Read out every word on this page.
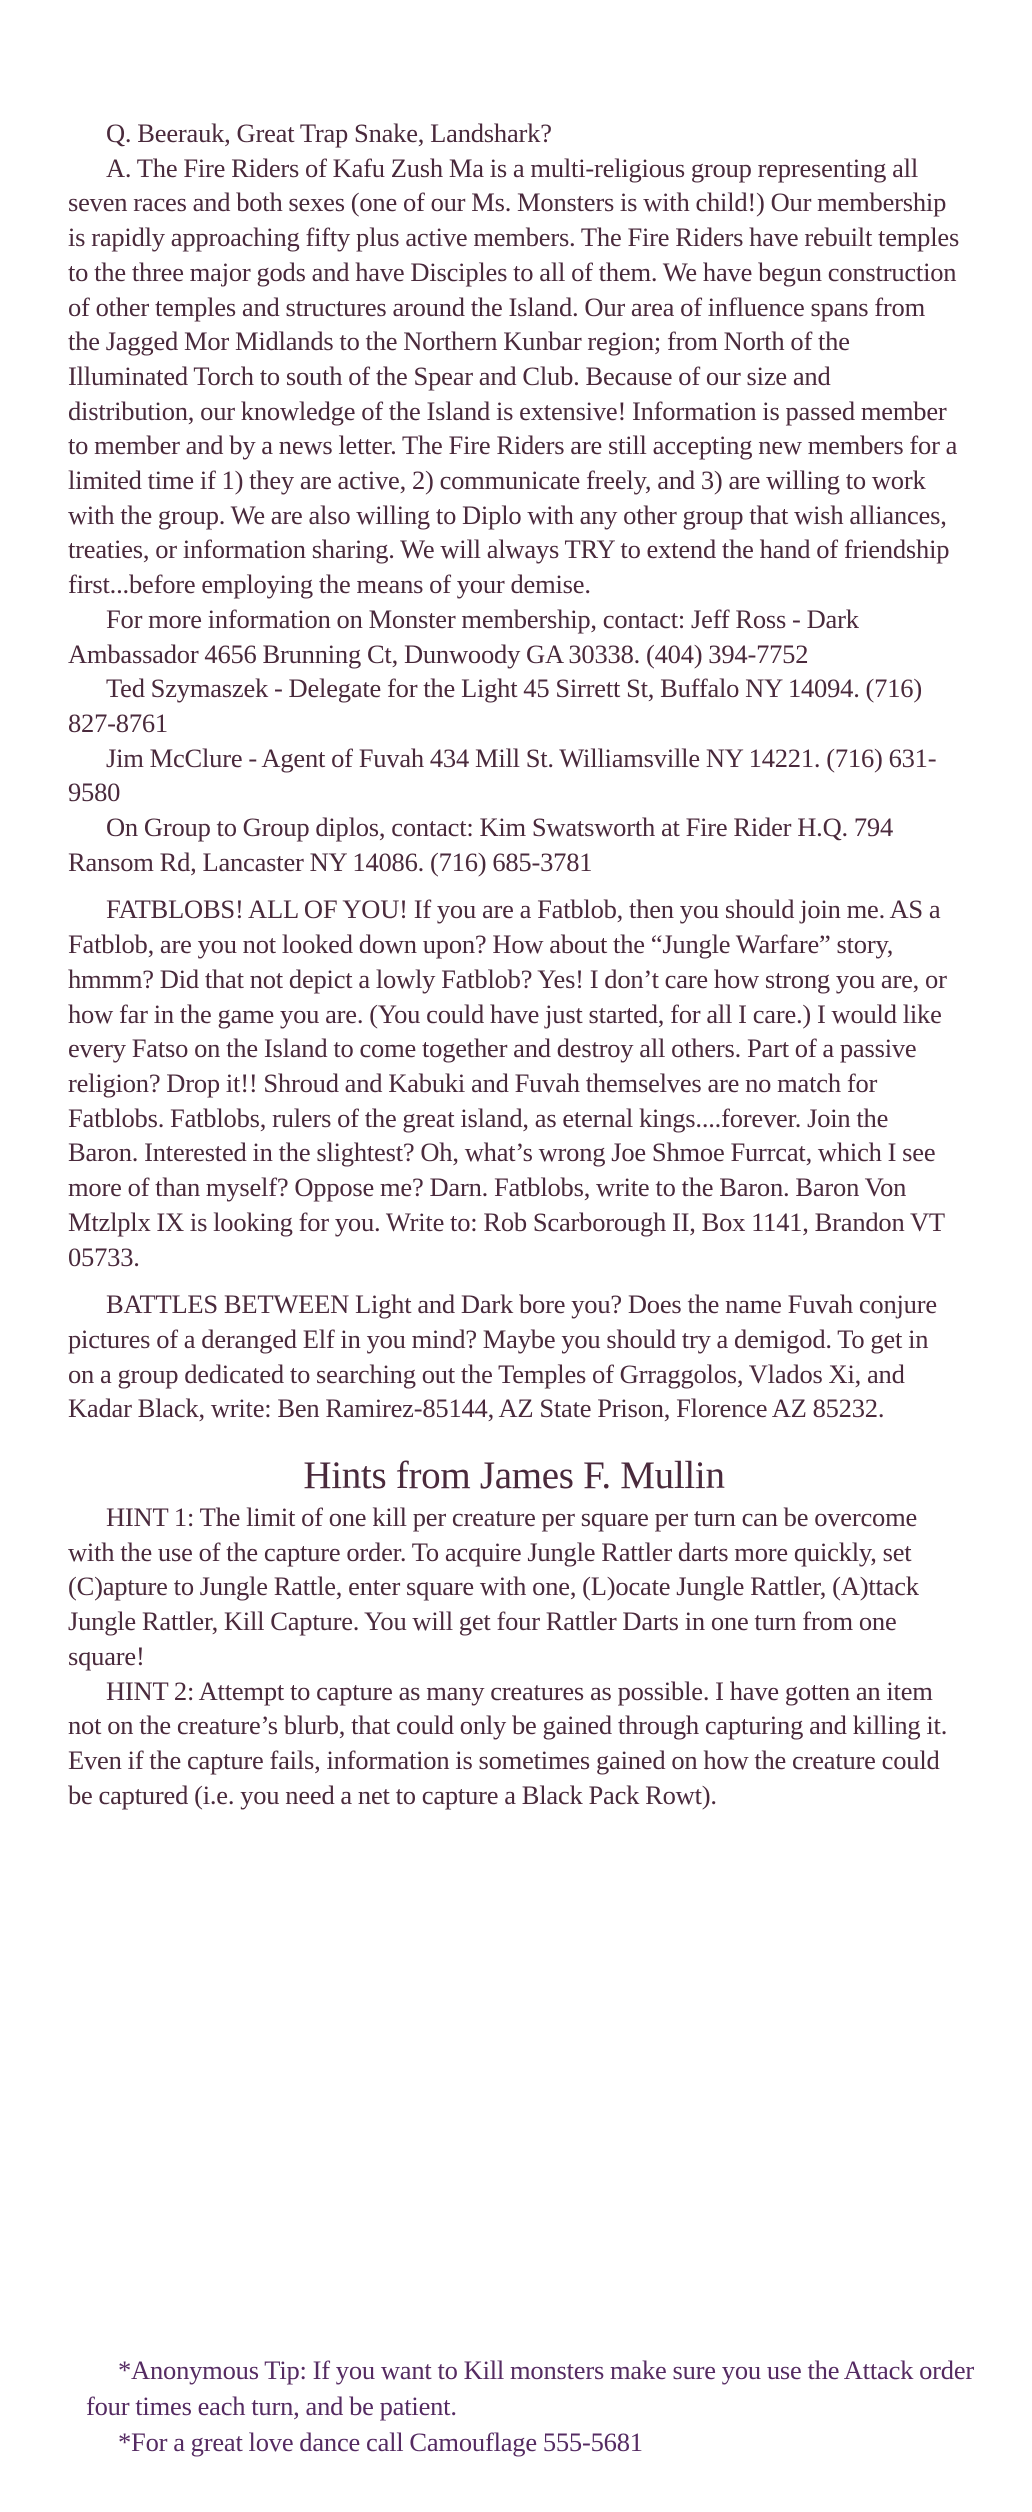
Q. Beerauk, Great Trap Snake, Landshark?

A. The Fire Riders of Kafu Zush Ma is a multi-religious group representing all seven races and both sexes (one of our Ms. Monsters is with child!) Our membership is rapidly approaching fifty plus active members. The Fire Riders have rebuilt temples to the three major gods and have Disciples to all of them. We have begun construction of other temples and structures around the Island. Our area of influence spans from the Jagged Mor Midlands to the Northern Kunbar region; from North of the Illuminated Torch to south of the Spear and Club. Because of our size and distribution, our knowledge of the Island is extensive! Information is passed member to member and by a news letter. The Fire Riders are still accepting new members for a limited time if 1) they are active, 2) communicate freely, and 3) are willing to work with the group. We are also willing to Diplo with any other group that wish alliances, treaties, or information sharing. We will always TRY to extend the hand of friendship first...before employing the means of your demise.

For more information on Monster membership, contact: Jeff Ross - Dark Ambassador 4656 Brunning Ct, Dunwoody GA 30338. (404) 394-7752

Ted Szymaszek - Delegate for the Light 45 Sirrett St, Buffalo NY 14094. (716) 827-8761

Jim McClure - Agent of Fuvah 434 Mill St. Williamsville NY 14221. (716) 631-9580

On Group to Group diplos, contact: Kim Swatsworth at Fire Rider H.Q. 794 Ransom Rd, Lancaster NY 14086. (716) 685-3781

FATBLOBS! ALL OF YOU! If you are a Fatblob, then you should join me. AS a Fatblob, are you not looked down upon? How about the “Jungle Warfare” story, hmmm? Did that not depict a lowly Fatblob? Yes! I don’t care how strong you are, or how far in the game you are. (You could have just started, for all I care.) I would like every Fatso on the Island to come together and destroy all others. Part of a passive religion? Drop it!! Shroud and Kabuki and Fuvah themselves are no match for Fatblobs. Fatblobs, rulers of the great island, as eternal kings....forever. Join the Baron. Interested in the slightest? Oh, what’s wrong Joe Shmoe Furrcat, which I see more of than myself? Oppose me? Darn. Fatblobs, write to the Baron. Baron Von Mtzlplx IX is looking for you. Write to: Rob Scarborough II, Box 1141, Brandon VT 05733.

BATTLES BETWEEN Light and Dark bore you? Does the name Fuvah conjure pictures of a deranged Elf in you mind? Maybe you should try a demigod. To get in on a group dedicated to searching out the Temples of Grraggolos, Vlados Xi, and Kadar Black, write: Ben Ramirez-85144, AZ State Prison, Florence AZ 85232.

Hints from James F. Mullin

HINT 1: The limit of one kill per creature per square per turn can be overcome with the use of the capture order. To acquire Jungle Rattler darts more quickly, set (C)apture to Jungle Rattle, enter square with one, (L)ocate Jungle Rattler, (A)ttack Jungle Rattler, Kill Capture. You will get four Rattler Darts in one turn from one square!

HINT 2: Attempt to capture as many creatures as possible. I have gotten an item not on the creature’s blurb, that could only be gained through capturing and killing it. Even if the capture fails, information is sometimes gained on how the creature could be captured (i.e. you need a net to capture a Black Pack Rowt).

*Anonymous Tip: If you want to Kill monsters make sure you use the Attack order four times each turn, and be patient.

*For a great love dance call Camouflage 555-5681
